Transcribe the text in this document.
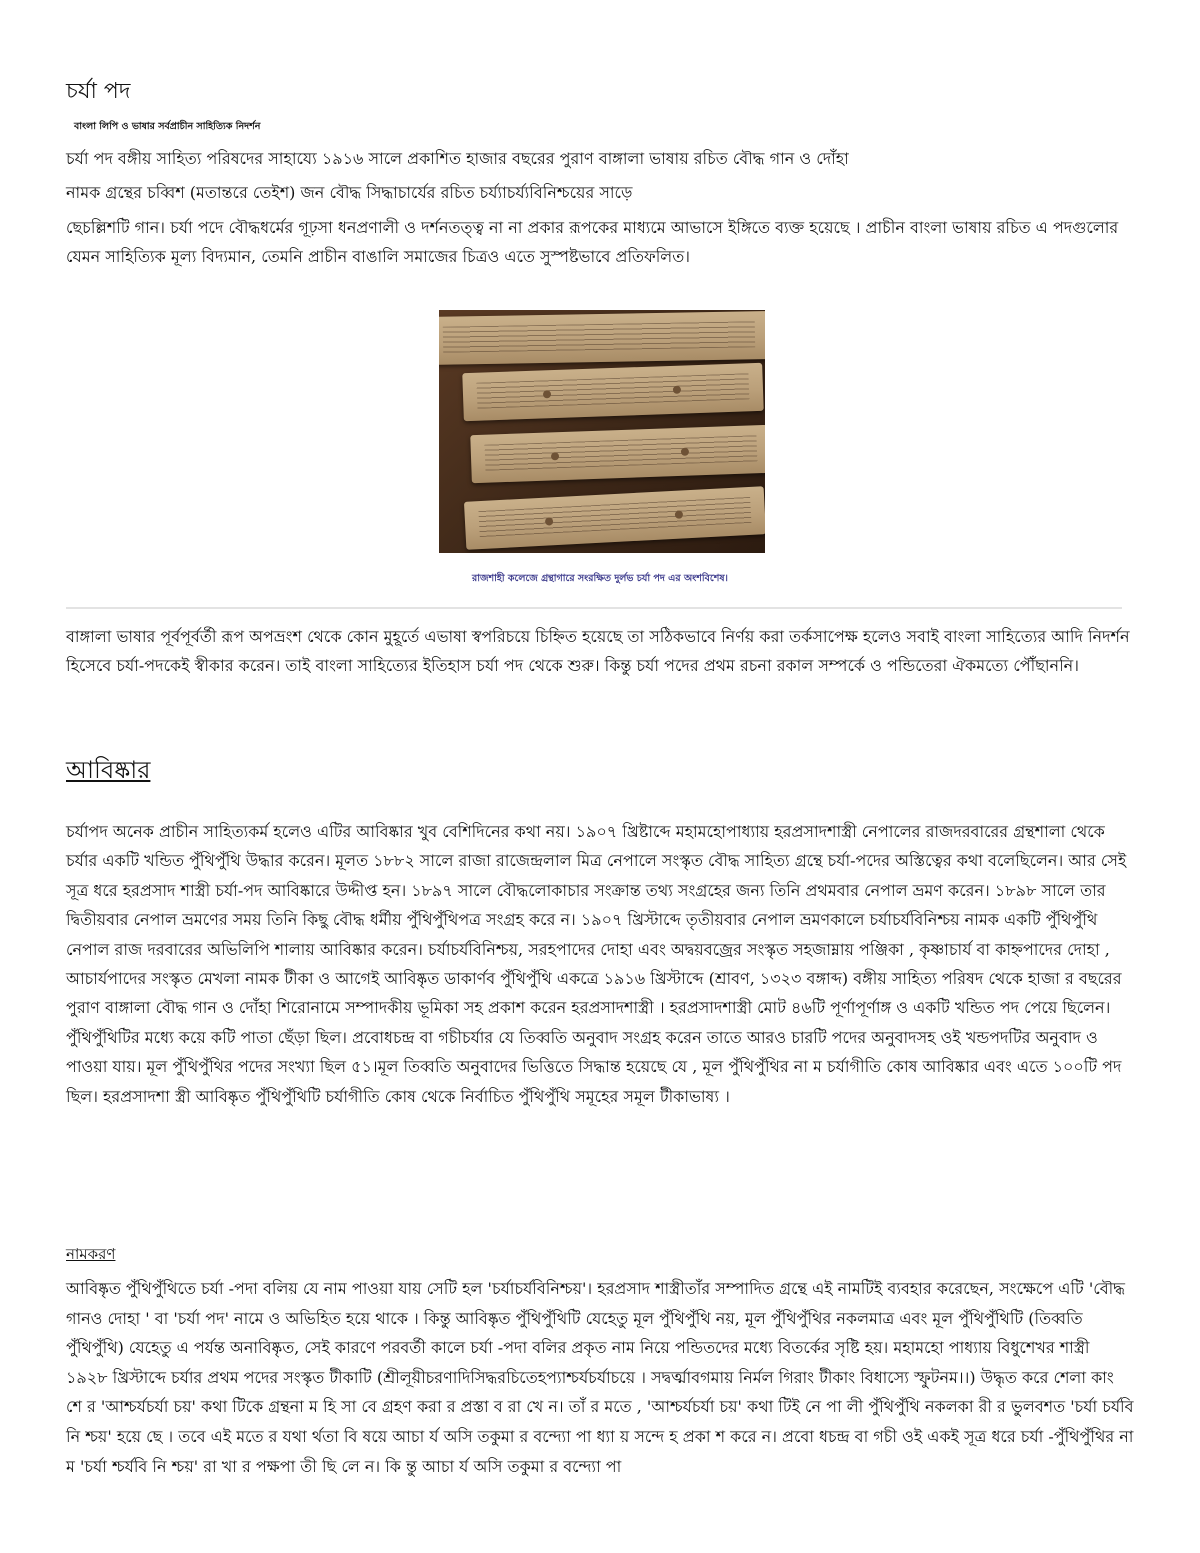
চর্যা পদ

বাংলা লিপি ও ভাষার সর্বপ্রাচীন সাহিত্যিক নিদর্শন

চর্যা পদ বঙ্গীয় সাহিত্য পরিষদের সাহায্যে ১৯১৬ সালে প্রকাশিত হাজার বছরের পুরাণ বাঙ্গালা ভাষায় রচিত বৌদ্ধ গান ও দোঁহা

নামক গ্রন্থের চব্বিশ (মতান্তরে তেইশ) জন বৌদ্ধ সিদ্ধাচার্যের রচিত চর্য্যাচর্য্যবিনিশ্চয়ের সাড়ে

ছেচল্লিশটি গান। চর্যা পদে বৌদ্ধধর্মের গূঢ়সা ধনপ্রণালী ও দর্শনতত্ত্ব না না প্রকার রূপকের মাধ্যমে আভাসে ইঙ্গিতে ব্যক্ত হয়েছে । প্রাচীন বাংলা ভাষায় রচিত এ পদগুলোর যেমন সাহিত্যিক মূল্য বিদ্যমান, তেমনি প্রাচীন বাঙালি সমাজের চিত্রও এতে সুস্পষ্টভাবে প্রতিফলিত।

রাজশাহী কলেজে গ্রন্থাগারে সংরক্ষিত দুর্লভ চর্যা পদ এর অংশবিশেষ।

বাঙ্গালা ভাষার পূর্বপূর্বর্তী রূপ অপভ্রংশ থেকে কোন মুহূর্তে এভাষা স্বপরিচয়ে চিহ্নিত হয়েছে তা সঠিকভাবে নির্ণয় করা তর্কসাপেক্ষ হলেও সবাই বাংলা সাহিত্যের আদি নিদর্শন হিসেবে চর্যা-পদকেই স্বীকার করেন। তাই বাংলা সাহিত্যের ইতিহাস চর্যা পদ থেকে শুরু। কিন্তু চর্যা পদের প্রথম রচনা রকাল সম্পর্কে ও পন্ডিতেরা ঐকমত্যে পৌঁছাননি।

আবিষ্কার

চর্যাপদ অনেক প্রাচীন সাহিত্যকর্ম হলেও এটির আবিষ্কার খুব বেশিদিনের কথা নয়। ১৯০৭ খ্রিষ্টাব্দে মহামহোপাধ্যায় হরপ্রসাদশাস্ত্রী নেপালের রাজদরবারের গ্রন্থশালা থেকে চর্যার একটি খন্ডিত পুঁথিপুঁথি উদ্ধার করেন। মূলত ১৮৮২ সালে রাজা রাজেন্দ্রলাল মিত্র নেপালে সংস্কৃত বৌদ্ধ সাহিত্য গ্রন্থে চর্যা-পদের অস্তিত্বের কথা বলেছিলেন। আর সেই সূত্র ধরে হরপ্রসাদ শাস্ত্রী চর্যা-পদ আবিষ্কারে উদ্দীপ্ত হন। ১৮৯৭ সালে বৌদ্ধলোকাচার সংক্রান্ত তথ্য সংগ্রহের জন্য তিনি প্রথমবার নেপাল ভ্রমণ করেন। ১৮৯৮ সালে তার দ্বিতীয়বার নেপাল ভ্রমণের সময় তিনি কিছু বৌদ্ধ ধর্মীয় পুঁথিপুঁথিপত্র সংগ্রহ করে ন। ১৯০৭ খ্রিস্টাব্দে তৃতীয়বার নেপাল ভ্রমণকালে চর্যাচর্যবিনিশ্চয় নামক একটি পুঁথিপুঁথি নেপাল রাজ দরবারের অভিলিপি শালায় আবিষ্কার করেন। চর্যাচর্যবিনিশ্চয়, সরহপাদের দোহা এবং অদ্বয়বজ্রের সংস্কৃত সহজাম্নায় পঞ্জিকা , কৃষ্ণাচার্য বা কাহ্নপাদের দোহা , আচার্যপাদের সংস্কৃত মেখলা নামক টীকা ও আগেই আবিষ্কৃত ডাকার্ণব পুঁথিপুঁথি একত্রে ১৯১৬ খ্রিস্টাব্দে (শ্রাবণ, ১৩২৩ বঙ্গাব্দ) বঙ্গীয় সাহিত্য পরিষদ থেকে হাজা র বছরের পুরাণ বাঙ্গালা বৌদ্ধ গান ও দোঁহা শিরোনামে সম্পাদকীয় ভূমিকা সহ প্রকাশ করেন হরপ্রসাদশাস্ত্রী । হরপ্রসাদশাস্ত্রী মোট ৪৬টি পূর্ণাপূর্ণাঙ্গ ও একটি খন্ডিত পদ পেয়ে ছিলেন। পুঁথিপুঁথিটির মধ্যে কয়ে কটি পাতা ছেঁড়া ছিল। প্রবোধচন্দ্র বা গচীচর্যার যে তিব্বতি অনুবাদ সংগ্রহ করেন তাতে আরও চারটি পদের অনুবাদসহ ওই খন্ডপদটির অনুবাদ ও পাওয়া যায়। মূল পুঁথিপুঁথির পদের সংখ্যা ছিল ৫১।মূল তিব্বতি অনুবাদের ভিত্তিতে সিদ্ধান্ত হয়েছে যে , মূল পুঁথিপুঁথির না ম চর্যাগীতি কোষ আবিষ্কার এবং এতে ১০০টি পদ ছিল। হরপ্রসাদশা স্ত্রী আবিষ্কৃত পুঁথিপুঁথিটি চর্যাগীতি কোষ থেকে নির্বাচিত পুঁথিপুঁথি সমূহের সমূল টীকাভাষ্য ।

নামকরণ

আবিষ্কৃত পুঁথিপুঁথিতে চর্যা -পদা বলিয় যে নাম পাওয়া যায় সেটি হল 'চর্যাচর্যবিনিশ্চয়'। হরপ্রসাদ শাস্ত্রীতাঁর সম্পাদিত গ্রন্থে এই নামটিই ব্যবহার করেছেন, সংক্ষেপে এটি 'বৌদ্ধ গানও দোহা ' বা 'চর্যা পদ' নামে ও অভিহিত হয়ে থাকে । কিন্তু আবিষ্কৃত পুঁথিপুঁথিটি যেহেতু মূল পুঁথিপুঁথি নয়, মূল পুঁথিপুঁথির নকলমাত্র এবং মূল পুঁথিপুঁথিটি (তিব্বতি পুঁথিপুঁথি) যেহেতু এ পর্যন্ত অনাবিষ্কৃত, সেই কারণে পরবর্তী কালে চর্যা -পদা বলির প্রকৃত নাম নিয়ে পন্ডিতদের মধ্যে বিতর্কের সৃষ্টি হয়। মহামহো পাধ্যায় বিধুশেখর শাস্ত্রী ১৯২৮ খ্রিস্টাব্দে চর্যার প্রথম পদের সংস্কৃত টীকাটি (শ্রীলূয়ীচরণাদিসিদ্ধরচিতেহপ্যাশ্চর্যচর্যাচয়ে । সদ্বর্ত্মাবগমায় নির্মল গিরাং টীকাং বিধাস্যে স্ফুটনম।।) উদ্ধৃত করে শেলা কাং শে র 'আশ্চর্যচর্যা চয়' কথা টিকে গ্রন্থনা ম হি সা বে গ্রহণ করা র প্রস্তা ব রা খে ন। তাঁ র মতে , 'আশ্চর্যচর্যা চয়' কথা টিই নে পা লী পুঁথিপুঁথি নকলকা রী র ভুলবশত 'চর্যা চর্যবি নি শ্চয়' হয়ে ছে । তবে এই মতে র যথা র্থতা বি ষয়ে আচা র্য অসি তকুমা র বন্দ্যো পা ধ্যা য় সন্দে হ প্রকা শ করে ন। প্রবো ধচন্দ্র বা গচী ওই একই সূত্র ধরে চর্যা -পুঁথিপুঁথির না ম 'চর্যা শ্চর্যবি নি শ্চয়' রা খা র পক্ষপা তী ছি লে ন। কি ন্তু আচা র্য অসি তকুমা র বন্দ্যো পা
